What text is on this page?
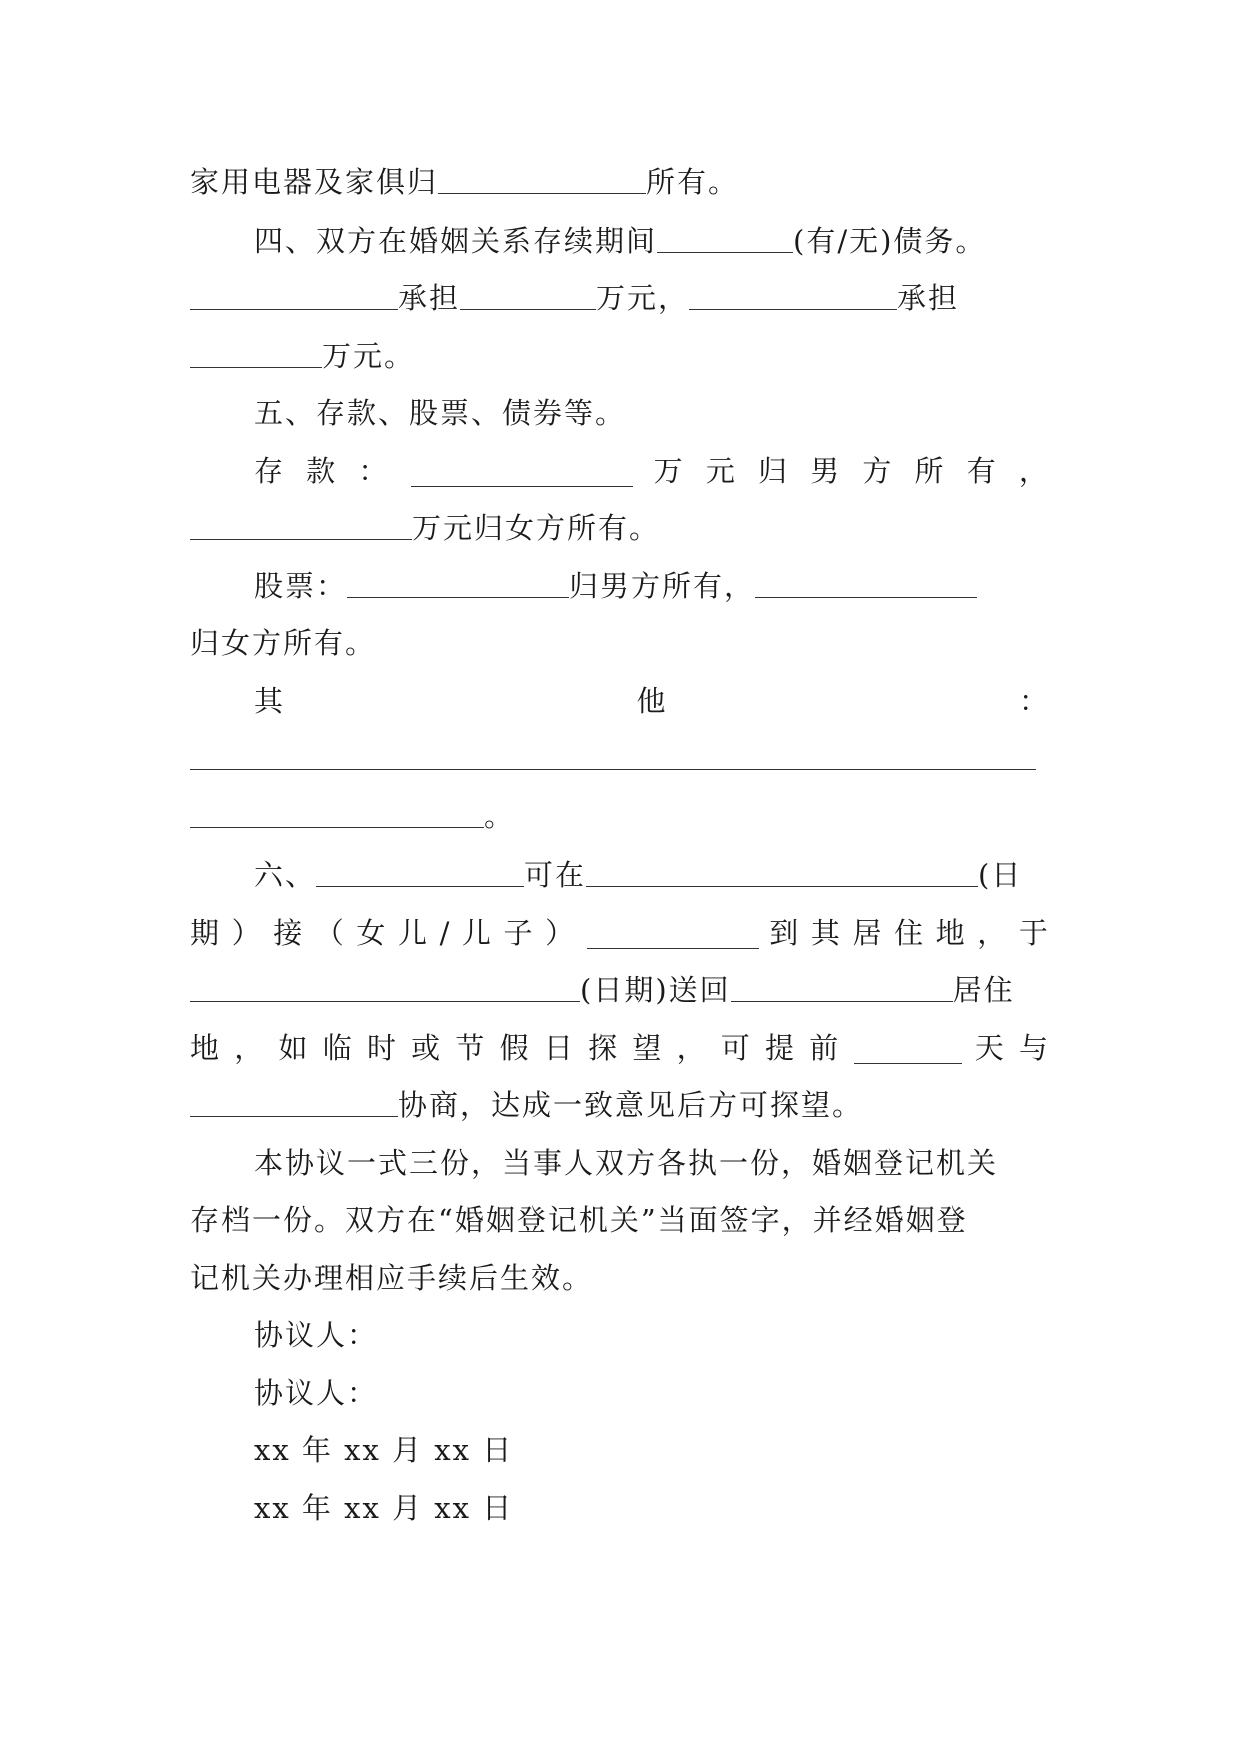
家用电器及家俱归	所有。
四、双方在婚姻关系存续期间	(有/无)债务。
承担	万元，	承担
万元。
五、存款、股票、债券等。
存 款 ：	万 元 归 男 方 所 有 ，
万元归女方所有。
股票：	归男方所有，
归女方所有。
其	他	：
。
六、	可在	(日
期 ） 接 （ 女 儿 / 儿 子 ）	到 其 居 住 地 ， 于
(日期)送回	居住
地 ， 如 临 时 或 节 假 日 探 望 ， 可 提 前	天 与
协商，达成一致意见后方可探望。
本协议一式三份，当事人双方各执一份，婚姻登记机关
存档一份。双方在“婚姻登记机关”当面签字，并经婚姻登
记机关办理相应手续后生效。
协议人：
协议人：
xx 年 xx 月 xx 日
xx 年 xx 月 xx 日
